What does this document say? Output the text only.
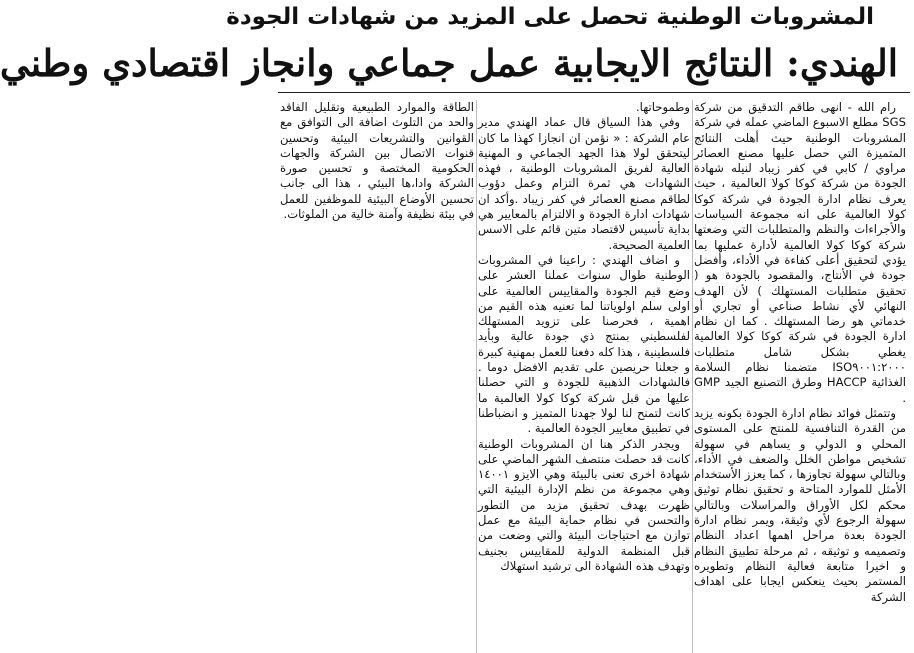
المشروبات الوطنية تحصل على المزيد من شهادات الجودة
الهندي: النتائج الايجابية عمل جماعي وانجاز اقتصادي وطني

رام الله - انهى طاقم التدقيق من شركة SGS مطلع الاسبوع الماضي عمله في شركة المشروبات الوطنية حيث أهلت النتائج المتميزة التي حصل عليها مصنع العصائر مراوي / كابي في كفر زيباد لنيله شهادة الجودة من شركة كوكا كولا العالمية ، حيث يعرف نظام ادارة الجودة في شركة كوكا كولا العالمية على انه مجموعة السياسات والأجراءات والنظم والمتطلبات التي وضعتها شركة كوكا كولا العالمية لأدارة عمليها بما يؤدي لتحقيق أعلى كفاءة في الأداء، وأفضل جودة في الأنتاج، والمقصود بالجودة هو ( تحقيق متطلبات المستهلك ) لأن الهدف النهائي لأي نشاط صناعي أو تجاري أو خدماتي هو رضا المستهلك . كما ان نظام ادارة الجودة في شركة كوكا كولا العالمية يغطي بشكل شامل متطلبات ISO٩٠٠١:٢٠٠٠ متضمنا نظام السلامة الغذائية HACCP وطرق التصنيع الجيد GMP .

وتتمثل فوائد نظام ادارة الجودة بكونه يزيد من القدرة التنافسية للمنتج على المستوى المحلي و الدولي و يساهم في سهولة تشخيص مواطن الخلل والضعف في الأداء، وبالتالي سهولة تجاوزها ، كما يعزز الأستخدام الأمثل للموارد المتاحة و تحقيق نظام توثيق محكم لكل الأوراق والمراسلات وبالتالي سهولة الرجوع لأي وثيقة، ويمر نظام ادارة الجودة بعدة مراحل اهمها اعداد النظام وتصميمه و توثيقه ، ثم مرحلة تطبيق النظام و اخيرا متابعة فعالية النظام وتطويره المستمر بحيث ينعكس ايجابا على اهداف الشركة

وطموحاتها.

وفي هذا السياق قال عماد الهندي مدير عام الشركة : « نؤمن ان انجازا كهذا ما كان ليتحقق لولا هذا الجهد الجماعي و المهنية العالية لفريق المشروبات الوطنية ، فهذه الشهادات هي ثمرة التزام وعمل دؤوب لطاقم مصنع العصائر في كفر زيباد .وأكد ان شهادات ادارة الجودة و الالتزام بالمعايير هي بداية تأسيس لاقتصاد متين قائم على الاسس العلمية الصحيحة.

و اضاف الهندي : راعينا في المشروبات الوطنية طوال سنوات عملنا العشر على وضع قيم الجودة والمقاييس العالمية على اولى سلم اولوياتنا لما تعنيه هذه القيم من اهمية ، فحرصنا على تزويد المستهلك لفلسطيني بمنتج ذي جودة عالية وبأيد فلسطينية ، هذا كله دفعنا للعمل بمهنية كبيرة و جعلنا حريصين على تقديم الافضل دوما . فالشهادات الذهبية للجودة و التي حصلنا عليها من قبل شركة كوكا كولا العالمية ما كانت لتمنح لنا لولا جهدنا المتميز و انضباطنا في تطبيق معايير الجودة العالمية .

ويجدر الذكر هنا ان المشروبات الوطنية كانت قد حصلت منتصف الشهر الماضي على شهادة اخرى تعنى بالبيئة وهي الايزو ١٤٠٠١ وهي مجموعة من نظم الإدارة البيئية التي ظهرت بهدف تحقيق مزيد من التطور والتحسن في نظام حماية البيئة مع عمل توازن مع احتياجات البيئة والتي وضعت من قبل المنظمة الدولية للمقاييس بجنيف وتهدف هذه الشهادة الى ترشيد استهلاك

الطاقة والموارد الطبيعية وتقليل الفاقد والحد من التلوث اضافة الى التوافق مع القوانين والتشريعات البيئية وتحسين قنوات الاتصال بين الشركة والجهات الحكومية المختصة و تحسين صورة الشركة وادا،ها البيئي ، هذا الى جانب تحسين الأوضاع البيئية للموظفين للعمل في بيئة نظيفة وآمنة خالية من الملوثات.
